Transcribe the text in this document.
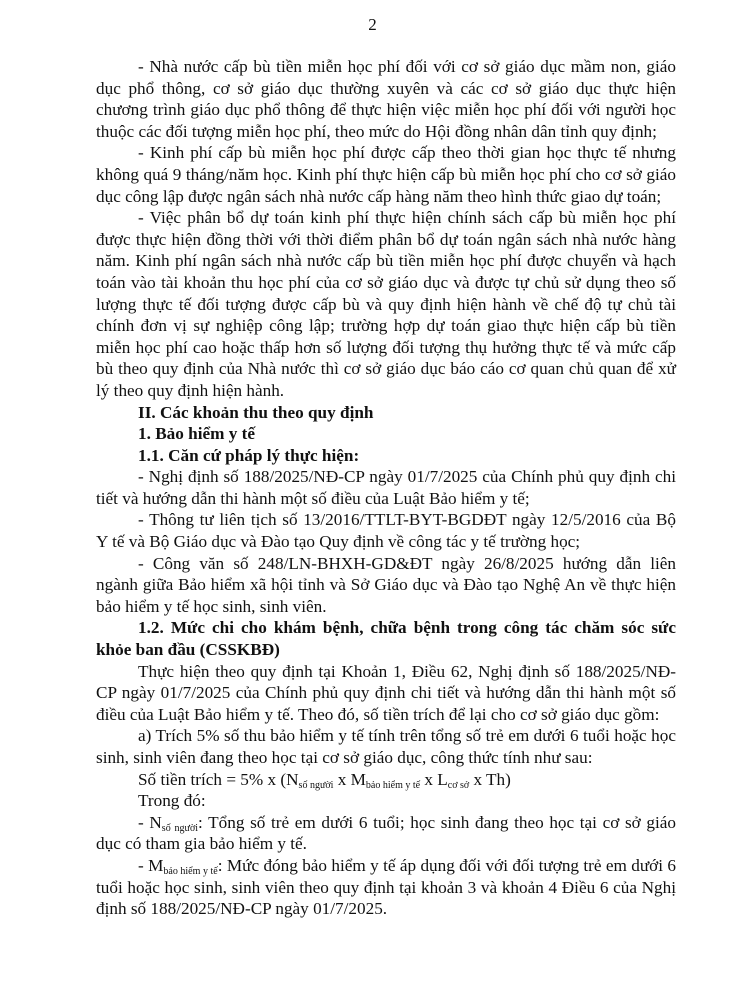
2

- Nhà nước cấp bù tiền miễn học phí đối với cơ sở giáo dục mầm non, giáo dục phổ thông, cơ sở giáo dục thường xuyên và các cơ sở giáo dục thực hiện chương trình giáo dục phổ thông để thực hiện việc miễn học phí đối với người học thuộc các đối tượng miễn học phí, theo mức do Hội đồng nhân dân tỉnh quy định;

- Kinh phí cấp bù miễn học phí được cấp theo thời gian học thực tế nhưng không quá 9 tháng/năm học. Kinh phí thực hiện cấp bù miễn học phí cho cơ sở giáo dục công lập được ngân sách nhà nước cấp hàng năm theo hình thức giao dự toán;

- Việc phân bổ dự toán kinh phí thực hiện chính sách cấp bù miễn học phí được thực hiện đồng thời với thời điểm phân bổ dự toán ngân sách nhà nước hàng năm. Kinh phí ngân sách nhà nước cấp bù tiền miễn học phí được chuyển và hạch toán vào tài khoản thu học phí của cơ sở giáo dục và được tự chủ sử dụng theo số lượng thực tế đối tượng được cấp bù và quy định hiện hành về chế độ tự chủ tài chính đơn vị sự nghiệp công lập; trường hợp dự toán giao thực hiện cấp bù tiền miễn học phí cao hoặc thấp hơn số lượng đối tượng thụ hưởng thực tế và mức cấp bù theo quy định của Nhà nước thì cơ sở giáo dục báo cáo cơ quan chủ quan để xử lý theo quy định hiện hành.

II. Các khoản thu theo quy định

1. Bảo hiểm y tế

1.1. Căn cứ pháp lý thực hiện:

- Nghị định số 188/2025/NĐ-CP ngày 01/7/2025 của Chính phủ quy định chi tiết và hướng dẫn thi hành một số điều của Luật Bảo hiểm y tế;

- Thông tư liên tịch số 13/2016/TTLT-BYT-BGDĐT ngày 12/5/2016 của Bộ Y tế và Bộ Giáo dục và Đào tạo Quy định về công tác y tế trường học;

- Công văn số 248/LN-BHXH-GD&ĐT ngày 26/8/2025 hướng dẫn liên ngành giữa Bảo hiểm xã hội tỉnh và Sở Giáo dục và Đào tạo Nghệ An về thực hiện bảo hiểm y tế học sinh, sinh viên.

1.2. Mức chi cho khám bệnh, chữa bệnh trong công tác chăm sóc sức khỏe ban đầu (CSSKBĐ)

Thực hiện theo quy định tại Khoản 1, Điều 62, Nghị định số 188/2025/NĐ-CP ngày 01/7/2025 của Chính phủ quy định chi tiết và hướng dẫn thi hành một số điều của Luật Bảo hiểm y tế. Theo đó, số tiền trích để lại cho cơ sở giáo dục gồm:

a) Trích 5% số thu bảo hiểm y tế tính trên tổng số trẻ em dưới 6 tuổi hoặc học sinh, sinh viên đang theo học tại cơ sở giáo dục, công thức tính như sau:

Số tiền trích = 5% x ($N_{số người}$ x $M_{bảo hiểm y tế}$ x $L_{cơ sở}$ x Th)

Trong đó:

- $N_{số người}$: Tổng số trẻ em dưới 6 tuổi; học sinh đang theo học tại cơ sở giáo dục có tham gia bảo hiểm y tế.

- $M_{bảo hiểm y tế}$: Mức đóng bảo hiểm y tế áp dụng đối với đối tượng trẻ em dưới 6 tuổi hoặc học sinh, sinh viên theo quy định tại khoản 3 và khoản 4 Điều 6 của Nghị định số 188/2025/NĐ-CP ngày 01/7/2025.
